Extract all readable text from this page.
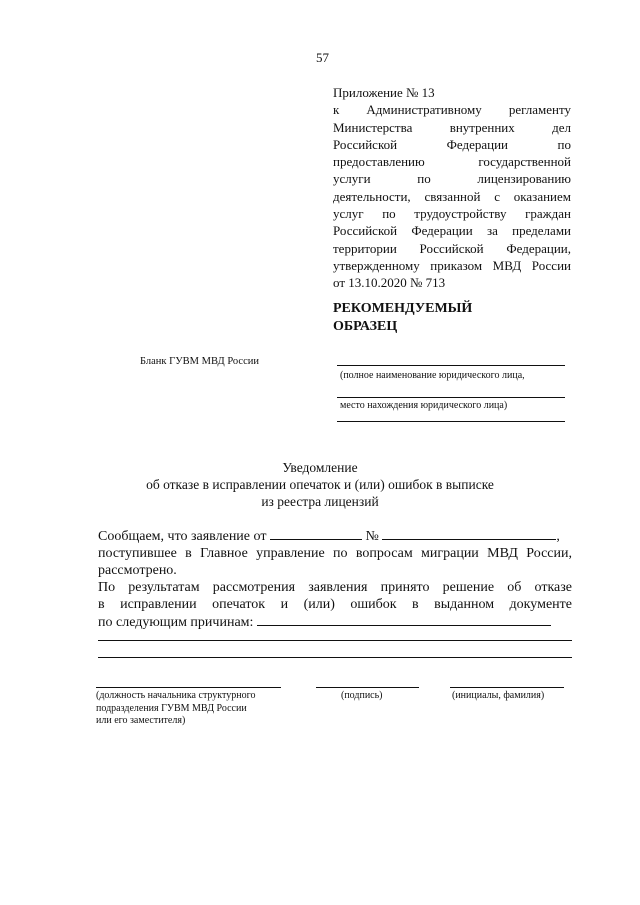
57
Приложение № 13
к Административному регламенту
Министерства внутренних дел
Российской Федерации по
предоставлению государственной
услуги по лицензированию
деятельности, связанной с оказанием
услуг по трудоустройству граждан
Российской Федерации за пределами
территории Российской Федерации,
утвержденному приказом МВД России
от 13.10.2020 № 713
РЕКОМЕНДУЕМЫЙ
ОБРАЗЕЦ
Бланк ГУВМ МВД России
(полное наименование юридического лица,
место нахождения юридического лица)
Уведомление
об отказе в исправлении опечаток и (или) ошибок в выписке
из реестра лицензий
Сообщаем, что заявление от	№	,
поступившее в Главное управление по вопросам миграции МВД России,
рассмотрено.
По результатам рассмотрения заявления принято решение об отказе
в исправлении опечаток и (или) ошибок в выданном документе
по следующим причинам:
(должность начальника структурного
подразделения ГУВМ МВД России
или его заместителя)
(подпись)	(инициалы, фамилия)
